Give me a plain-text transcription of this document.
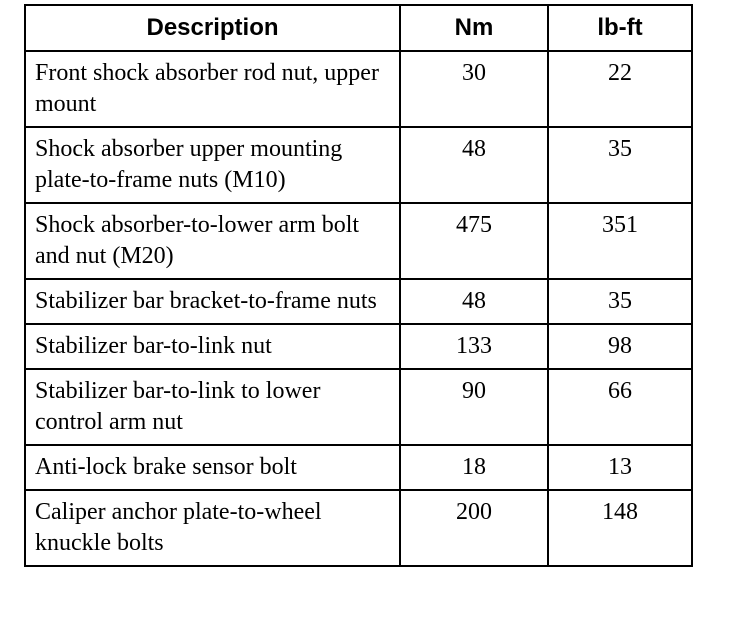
Description	Nm	lb-ft
Front shock absorber rod nut, upper mount	30	22
Shock absorber upper mounting plate-to-frame nuts (M10)	48	35
Shock absorber-to-lower arm bolt and nut (M20)	475	351
Stabilizer bar bracket-to-frame nuts	48	35
Stabilizer bar-to-link nut	133	98
Stabilizer bar-to-link to lower control arm nut	90	66
Anti-lock brake sensor bolt	18	13
Caliper anchor plate-to-wheel knuckle bolts	200	148
